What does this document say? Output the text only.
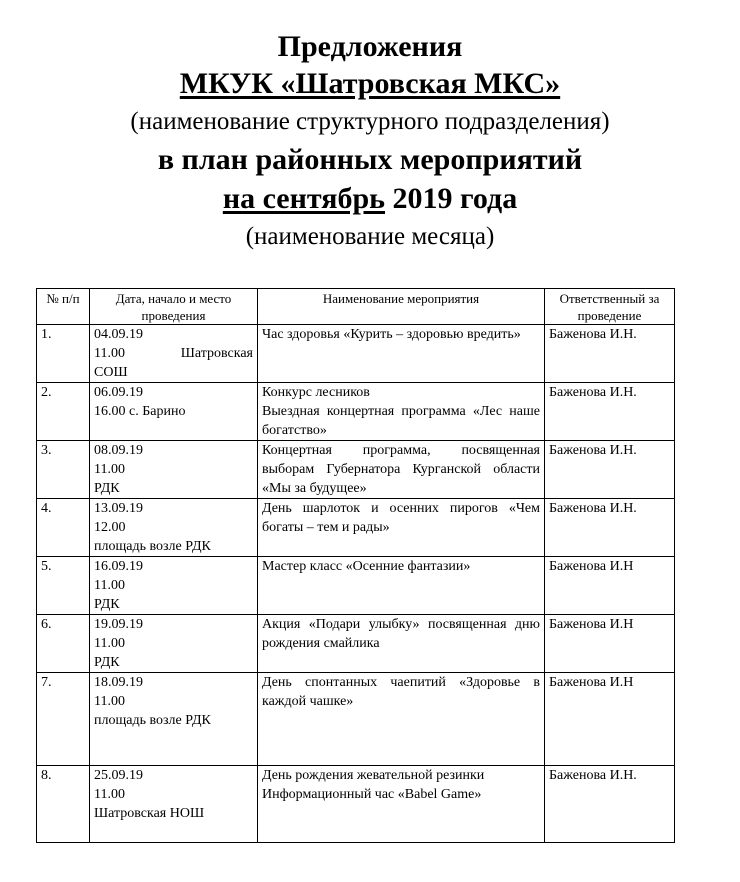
Предложения
МКУК «Шатровская МКС»
(наименование структурного подразделения)
в план районных мероприятий
на сентябрь 2019 года
(наименование месяца)
№ п/п	Дата, начало и место проведения	Наименование мероприятия	Ответственный за проведение
1.	04.09.19
11.00 Шатровская
СОШ	Час здоровья «Курить – здоровью вредить»	Баженова И.Н.
2.	06.09.19
16.00 с. Барино	Конкурс лесников
Выездная концертная программа «Лес наше богатство»	Баженова И.Н.
3.	08.09.19
11.00
РДК	Концертная программа, посвященная выборам Губернатора Курганской области «Мы за будущее»	Баженова И.Н.
4.	13.09.19
12.00
площадь возле РДК	День шарлоток и осенних пирогов «Чем богаты – тем и рады»	Баженова И.Н.
5.	16.09.19
11.00
РДК	Мастер класс «Осенние фантазии»	Баженова И.Н
6.	19.09.19
11.00
РДК	Акция «Подари улыбку» посвященная дню рождения смайлика	Баженова И.Н
7.	18.09.19
11.00
площадь возле РДК	День спонтанных чаепитий «Здоровье в каждой чашке»	Баженова И.Н
8.	25.09.19
11.00
Шатровская НОШ	День рождения жевательной резинки
Информационный час «Babel Game»	Баженова И.Н.
